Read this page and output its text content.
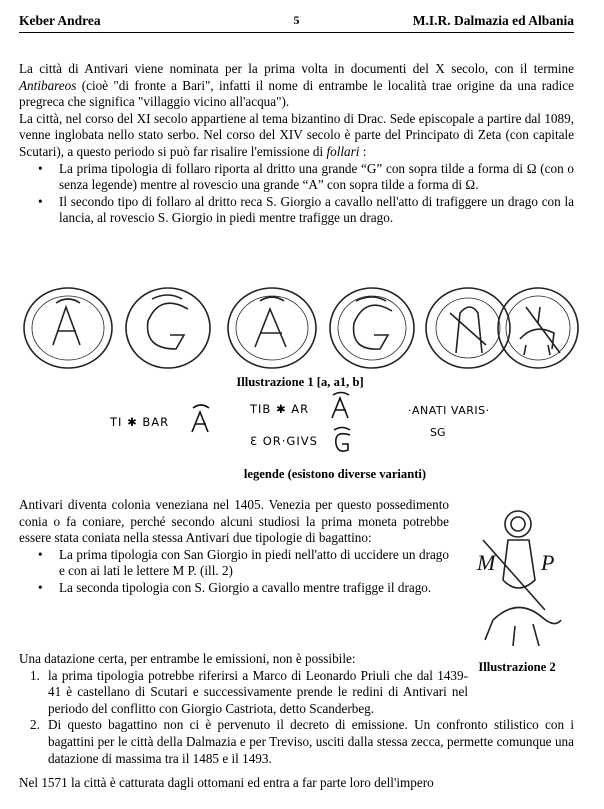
Keber Andrea	5	M.I.R. Dalmazia ed Albania

La città di Antivari viene nominata per la prima volta in documenti del X secolo, con il termine Antibareos (cioè "di fronte a Bari", infatti il nome di entrambe le località trae origine da una radice pregreca che significa "villaggio vicino all'acqua").

La città, nel corso del XI secolo appartiene al tema bizantino di Drac. Sede episcopale a partire dal 1089, venne inglobata nello stato serbo. Nel corso del XIV secolo è parte del Principato di Zeta (con capitale Scutari), a questo periodo si può far risalire l'emissione di follari :

• La prima tipologia di follaro riporta al dritto una grande “G” con sopra tilde a forma di Ω (con o senza legende) mentre al rovescio una grande “A” con sopra tilde a forma di Ω.
• Il secondo tipo di follaro al dritto reca S. Giorgio a cavallo nell'atto di trafiggere un drago con la lancia, al rovescio S. Giorgio in piedi mentre trafigge un drago.
Illustrazione 1 [a, a1, b]
TI ✱ BAR
TIB ✱ AR
Ɛ OR·GIVS
·ANATI VARIS·
SG
legende (esistono diverse varianti)

Antivari diventa colonia veneziana nel 1405. Venezia per questo possedimento conia o fa coniare, perché secondo alcuni studiosi la prima moneta potrebbe essere stata coniata nella stessa Antivari due tipologie di bagattino:

• La prima tipologia con San Giorgio in piedi nell'atto di uccidere un drago e con ai lati le lettere M P. (ill. 2)
• La seconda tipologia con S. Giorgio a cavallo mentre trafigge il drago.
M P
Illustrazione 2

Una datazione certa, per entrambe le emissioni, non è possibile:

1. la prima tipologia potrebbe riferirsi a Marco di Leonardo Priuli che dal 1439-41 è castellano di Scutari e successivamente prende le redini di Antivari nel periodo del conflitto con Giorgio Castriota, detto Scanderbeg.
2. Di questo bagattino non ci è pervenuto il decreto di emissione. Un confronto stilistico con i bagattini per le città della Dalmazia e per Treviso, usciti dalla stessa zecca, permette comunque una datazione di massima tra il 1485 e il 1493.

Nel 1571 la città è catturata dagli ottomani ed entra a far parte loro dell'impero
